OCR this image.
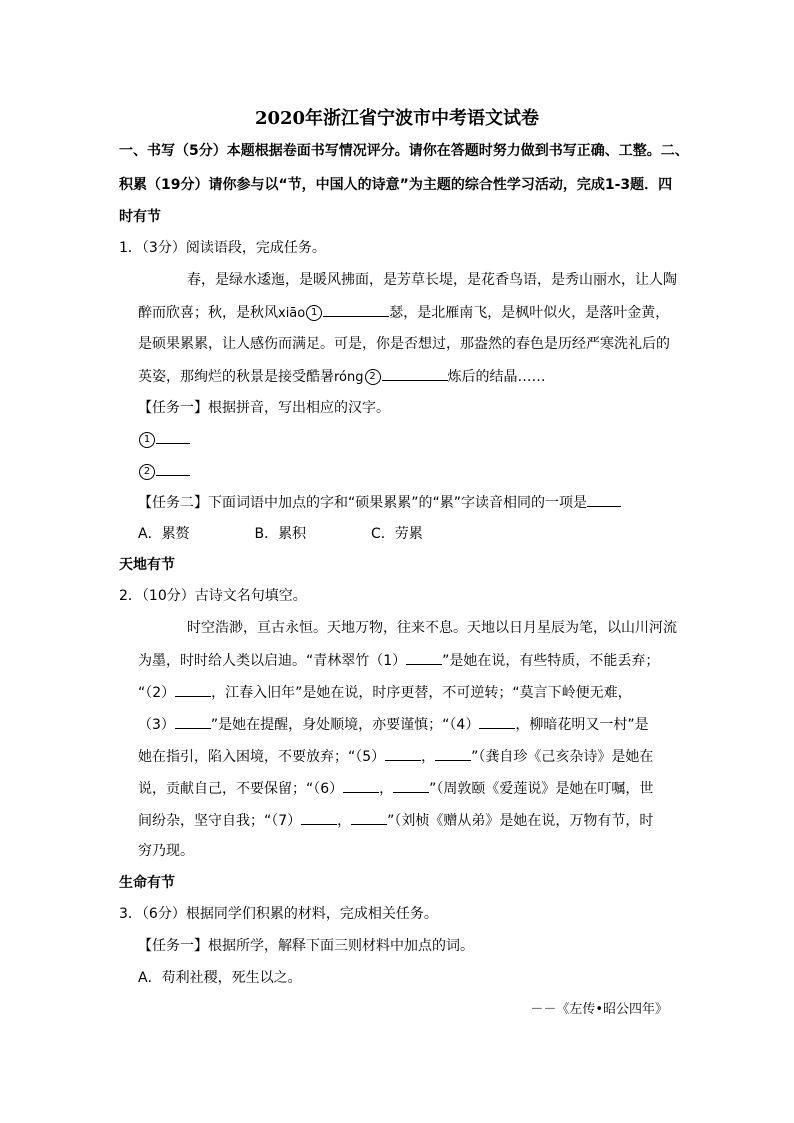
2020年浙江省宁波市中考语文试卷
一、书写（5分）本题根据卷面书写情况评分。请你在答题时努力做到书写正确、工整。二、
积累（19分）请你参与以“节，中国人的诗意”为主题的综合性学习活动，完成1-3题．四
时有节
1．（3分）阅读语段，完成任务。
春，是绿水逶迤，是暖风拂面，是芳草长堤，是花香鸟语，是秀山丽水，让人陶
醉而欣喜；秋，是秋风xiāo 1	瑟，是北雁南飞，是枫叶似火，是落叶金黄，
是硕果累累，让人感伤而满足。可是，你是否想过，那盎然的春色是历经严寒洗礼后的
英姿，那绚烂的秋景是接受酷暑róng 2	炼后的结晶……
【任务一】根据拼音，写出相应的汉字。
1
2
【任务二】下面词语中加点的字和“硕果累累”的“累”字读音相同的一项是
A．累赘	B．累积	C．劳累
天地有节
2．（10分）古诗文名句填空。
时空浩渺，亘古永恒。天地万物，往来不息。天地以日月星辰为笔，以山川河流
为墨，时时给人类以启迪。“青林翠竹（1）	”是她在说，有些特质，不能丢弃；
“（2）	，江春入旧年”是她在说，时序更替，不可逆转；“莫言下岭便无难，
（3）	”是她在提醒，身处顺境，亦要谨慎；“（4）	，柳暗花明又一村”是
她在指引，陷入困境，不要放弃；“（5）	，	”（龚自珍《己亥杂诗》是她在
说，贡献自己，不要保留；“（6）	，	”（周敦颐《爱莲说》是她在叮嘱，世
间纷杂，坚守自我；“（7）	，	”（刘桢《赠从弟》是她在说，万物有节，时
穷乃现。
生命有节
3．（6分）根据同学们积累的材料，完成相关任务。
【任务一】根据所学，解释下面三则材料中加点的词。
A．苟利社稷，死生以之。
－－《左传•昭公四年》
